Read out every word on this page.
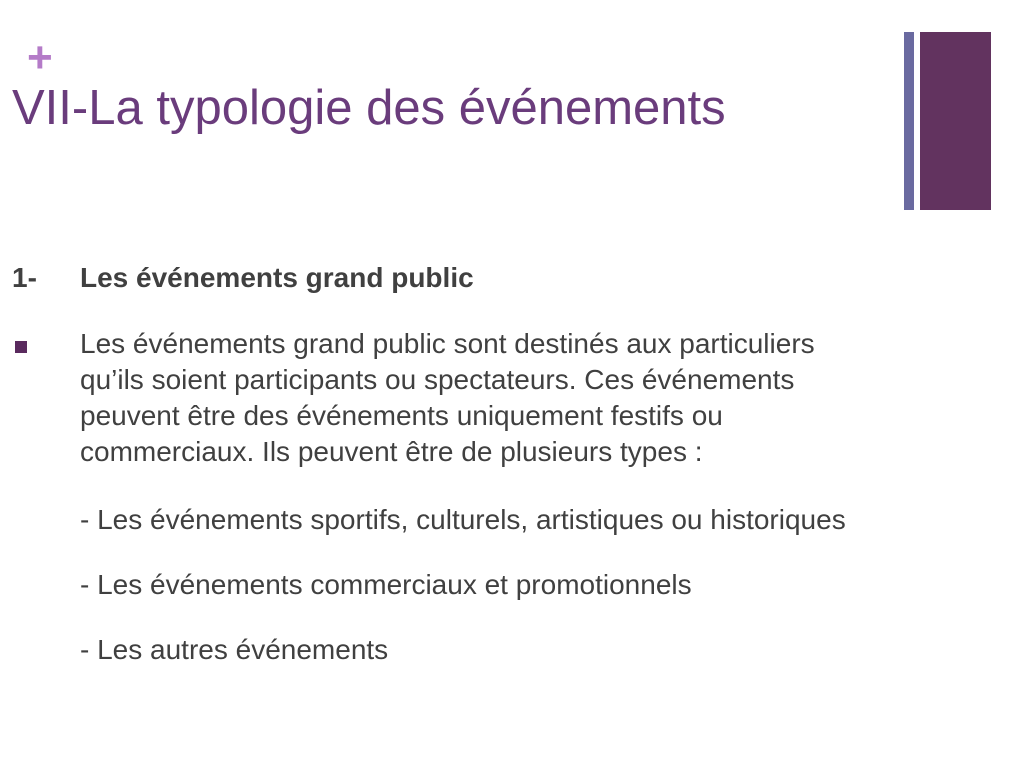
+
VII-La typologie des événements
1- Les événements grand public
Les événements grand public sont destinés aux particuliers
qu’ils soient participants ou spectateurs. Ces événements
peuvent être des événements uniquement festifs ou
commerciaux. Ils peuvent être de plusieurs types :
- Les événements sportifs, culturels, artistiques ou historiques
- Les événements commerciaux et promotionnels
- Les autres événements
